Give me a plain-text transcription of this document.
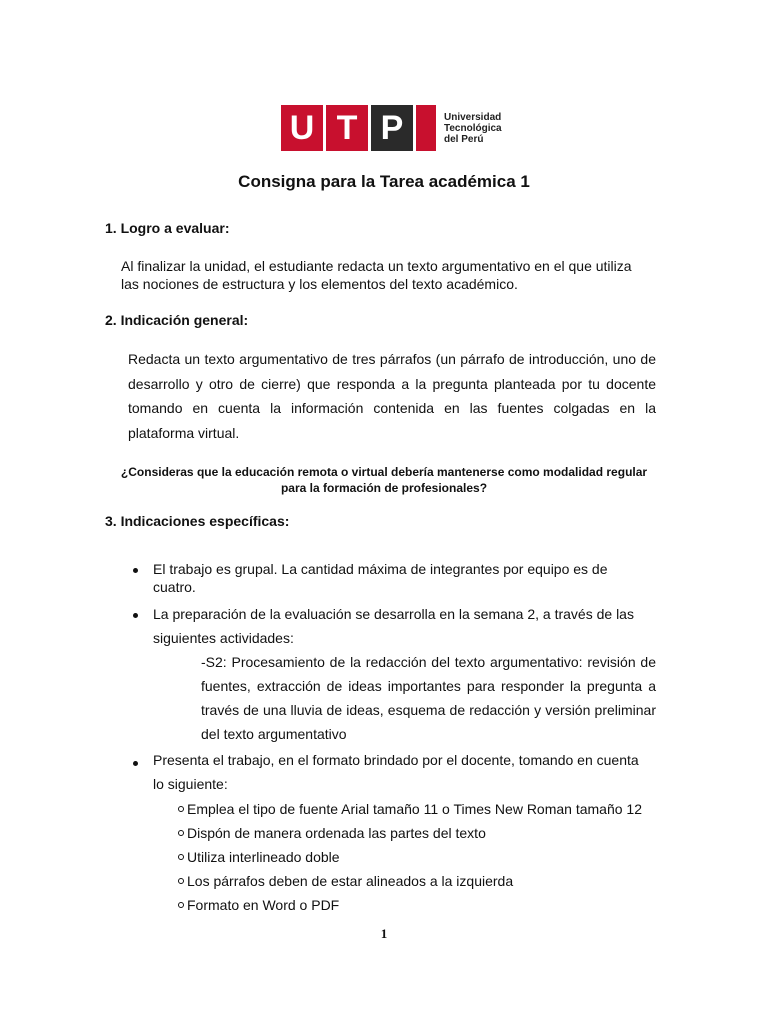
U T P	Universidad
Tecnológica
del Perú
Consigna para la Tarea académica 1
1. Logro a evaluar:
Al finalizar la unidad, el estudiante redacta un texto argumentativo en el que utiliza
las nociones de estructura y los elementos del texto académico.
2. Indicación general:
Redacta un texto argumentativo de tres párrafos (un párrafo de introducción, uno de desarrollo y otro de cierre) que responda a la pregunta planteada por tu docente tomando en cuenta la información contenida en las fuentes colgadas en la plataforma virtual.
¿Consideras que la educación remota o virtual debería mantenerse como modalidad regular
para la formación de profesionales?
3. Indicaciones específicas:
El trabajo es grupal. La cantidad máxima de integrantes por equipo es de
cuatro.
La preparación de la evaluación se desarrolla en la semana 2, a través de las
siguientes actividades:
-S2: Procesamiento de la redacción del texto argumentativo: revisión de fuentes, extracción de ideas importantes para responder la pregunta a través de una lluvia de ideas, esquema de redacción y versión preliminar del texto argumentativo
Presenta el trabajo, en el formato brindado por el docente, tomando en cuenta
lo siguiente:
Emplea el tipo de fuente Arial tamaño 11 o Times New Roman tamaño 12
Dispón de manera ordenada las partes del texto
Utiliza interlineado doble
Los párrafos deben de estar alineados a la izquierda
Formato en Word o PDF
1
